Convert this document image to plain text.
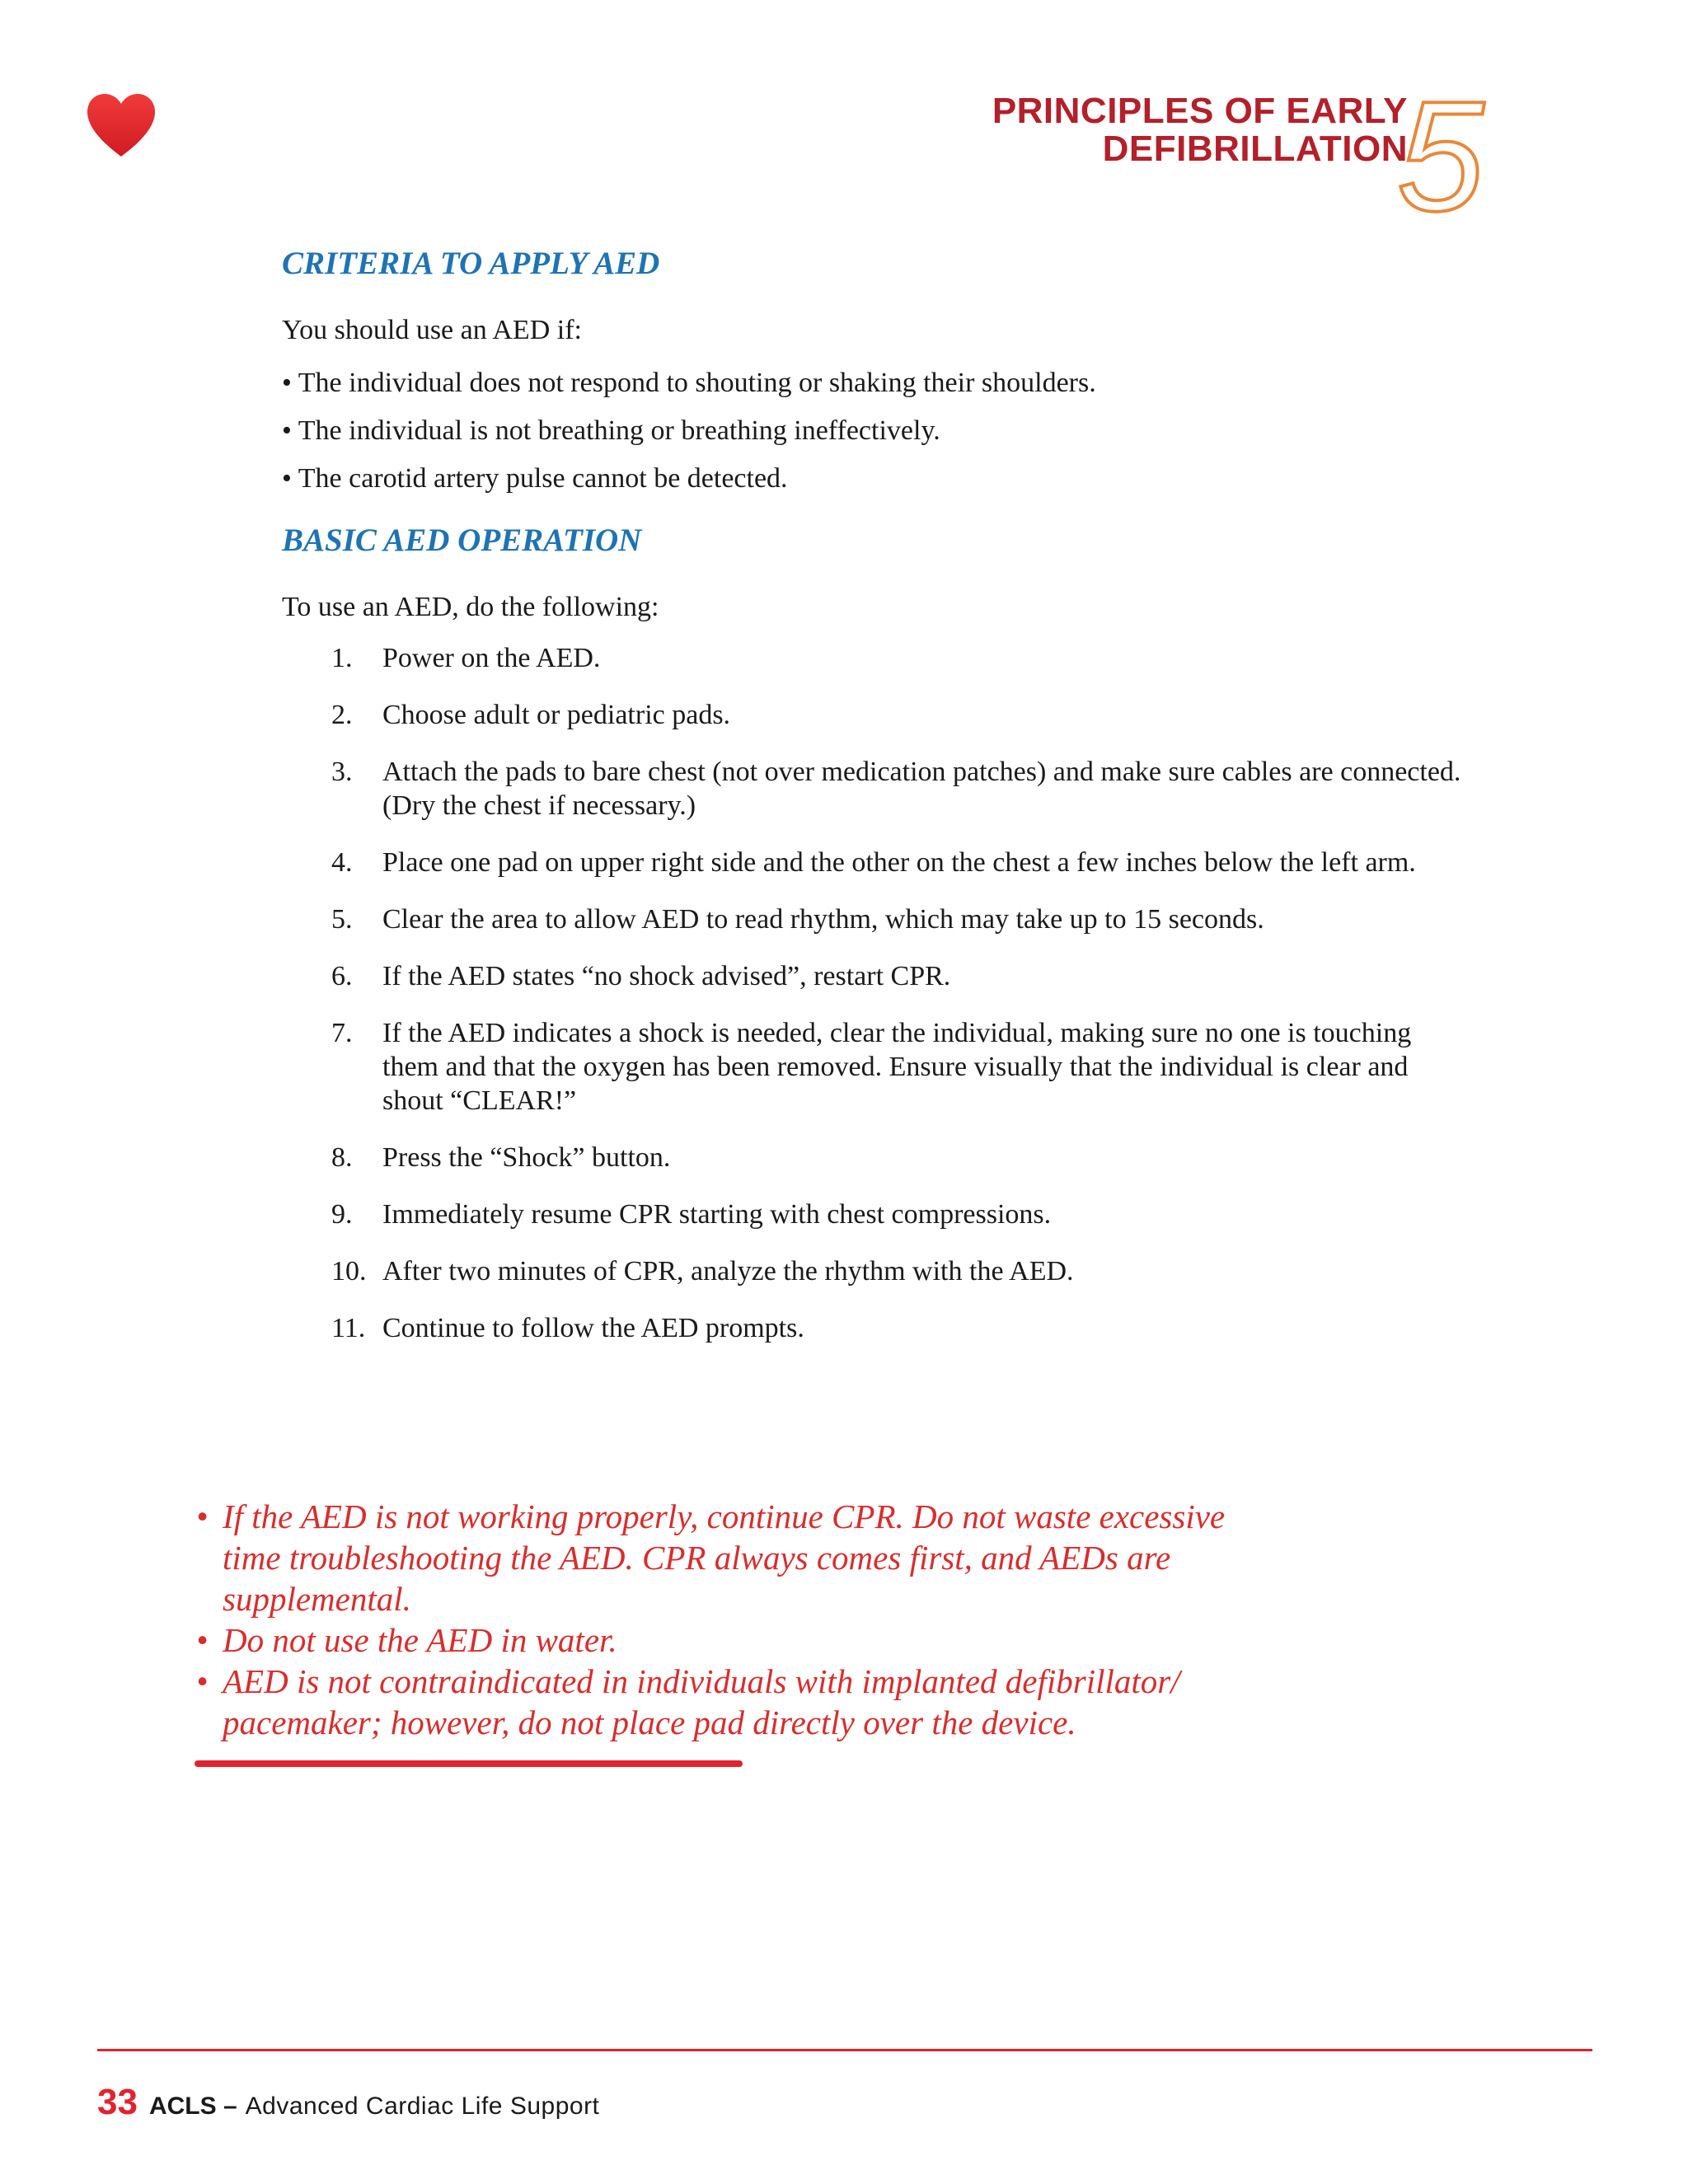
PRINCIPLES OF EARLY
DEFIBRILLATION
5
CRITERIA TO APPLY AED

You should use an AED if:

• The individual does not respond to shouting or shaking their shoulders.
• The individual is not breathing or breathing ineffectively.
• The carotid artery pulse cannot be detected.
BASIC AED OPERATION

To use an AED, do the following:

1.	Power on the AED.
2.	Choose adult or pediatric pads.
3.	Attach the pads to bare chest (not over medication patches) and make sure cables are connected. (Dry the chest if necessary.)
4.	Place one pad on upper right side and the other on the chest a few inches below the left arm.
5.	Clear the area to allow AED to read rhythm, which may take up to 15 seconds.
6.	If the AED states “no shock advised”, restart CPR.
7.	If the AED indicates a shock is needed, clear the individual, making sure no one is touching them and that the oxygen has been removed. Ensure visually that the individual is clear and shout “CLEAR!”
8.	Press the “Shock” button.
9.	Immediately resume CPR starting with chest compressions.
10. After two minutes of CPR, analyze the rhythm with the AED.
11. Continue to follow the AED prompts.
• If the AED is not working properly, continue CPR. Do not waste excessive time troubleshooting the AED. CPR always comes first, and AEDs are supplemental.
• Do not use the AED in water.
• AED is not contraindicated in individuals with implanted defibrillator/ pacemaker; however, do not place pad directly over the device.
33 ACLS – Advanced Cardiac Life Support
